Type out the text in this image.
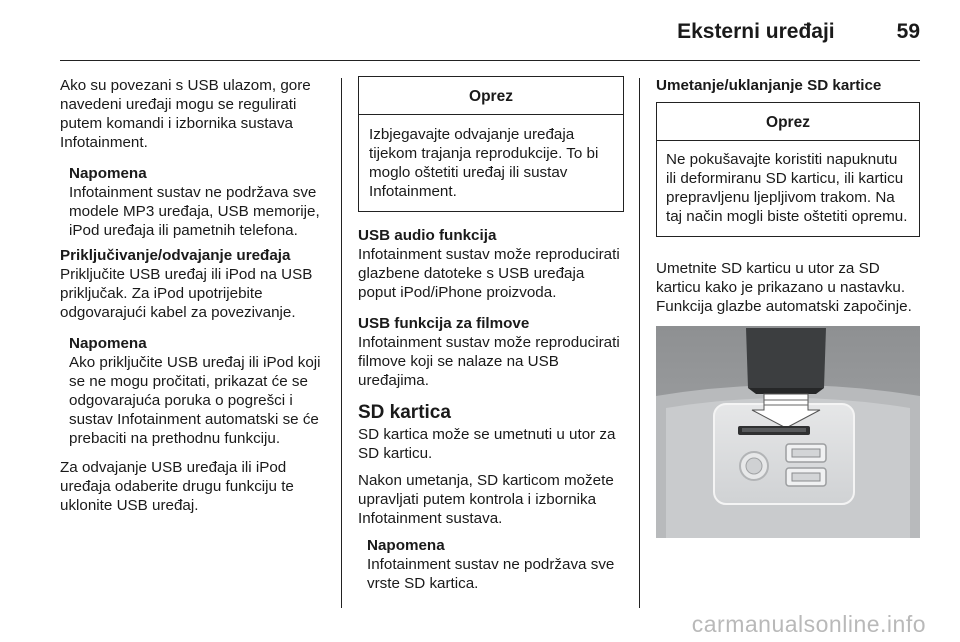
Eksterni uređaji	59

Ako su povezani s USB ulazom, gore navedeni uređaji mogu se regulirati putem komandi i izbornika sustava Infotainment.

Napomena
Infotainment sustav ne podržava sve modele MP3 uređaja, USB memorije, iPod uređaja ili pametnih telefona.
Priključivanje/odvajanje uređaja

Priključite USB uređaj ili iPod na USB priključak. Za iPod upotrijebite odgovarajući kabel za povezivanje.

Napomena
Ako priključite USB uređaj ili iPod koji se ne mogu pročitati, prikazat će se odgovarajuća poruka o pogrešci i sustav Infotainment automatski se će prebaciti na prethodnu funkciju.

Za odvajanje USB uređaja ili iPod uređaja odaberite drugu funkciju te uklonite USB uređaj.

Oprez
Izbjegavajte odvajanje uređaja tijekom trajanja reprodukcije. To bi moglo oštetiti uređaj ili sustav Infotainment.
USB audio funkcija

Infotainment sustav može reproducirati glazbene datoteke s USB uređaja poput iPod/iPhone proizvoda.

USB funkcija za filmove

Infotainment sustav može reproducirati filmove koji se nalaze na USB uređajima.

SD kartica

SD kartica može se umetnuti u utor za SD karticu.

Nakon umetanja, SD karticom možete upravljati putem kontrola i izbornika Infotainment sustava.

Napomena
Infotainment sustav ne podržava sve vrste SD kartica.
Umetanje/uklanjanje SD kartice
Oprez
Ne pokušavajte koristiti napuknutu ili deformiranu SD karticu, ili karticu prepravljenu ljepljivom trakom. Na taj način mogli biste oštetiti opremu.

Umetnite SD karticu u utor za SD karticu kako je prikazano u nastavku. Funkcija glazbe automatski započinje.

carmanualsonline.info
